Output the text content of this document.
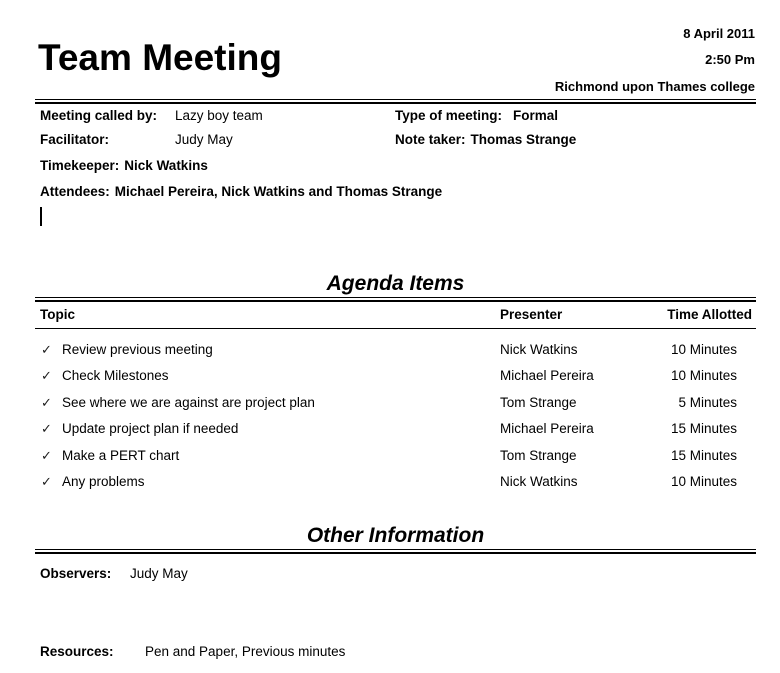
Team Meeting
8 April 2011
2:50 Pm
Richmond upon Thames college
Meeting called by: Lazy boy team	Type of meeting: Formal
Facilitator:	Judy May	Note taker: Thomas Strange
Timekeeper: Nick Watkins
Attendees: Michael Pereira, Nick Watkins and Thomas Strange
Agenda Items
Topic	Presenter	Time Allotted
✓ Review previous meeting	Nick Watkins	10 Minutes
✓ Check Milestones	Michael Pereira	10 Minutes
✓ See where we are against are project plan	Tom Strange	5 Minutes
✓ Update project plan if needed	Michael Pereira	15 Minutes
✓ Make a PERT chart	Tom Strange	15 Minutes
✓ Any problems	Nick Watkins	10 Minutes
Other Information
Observers: Judy May
Resources: Pen and Paper, Previous minutes
